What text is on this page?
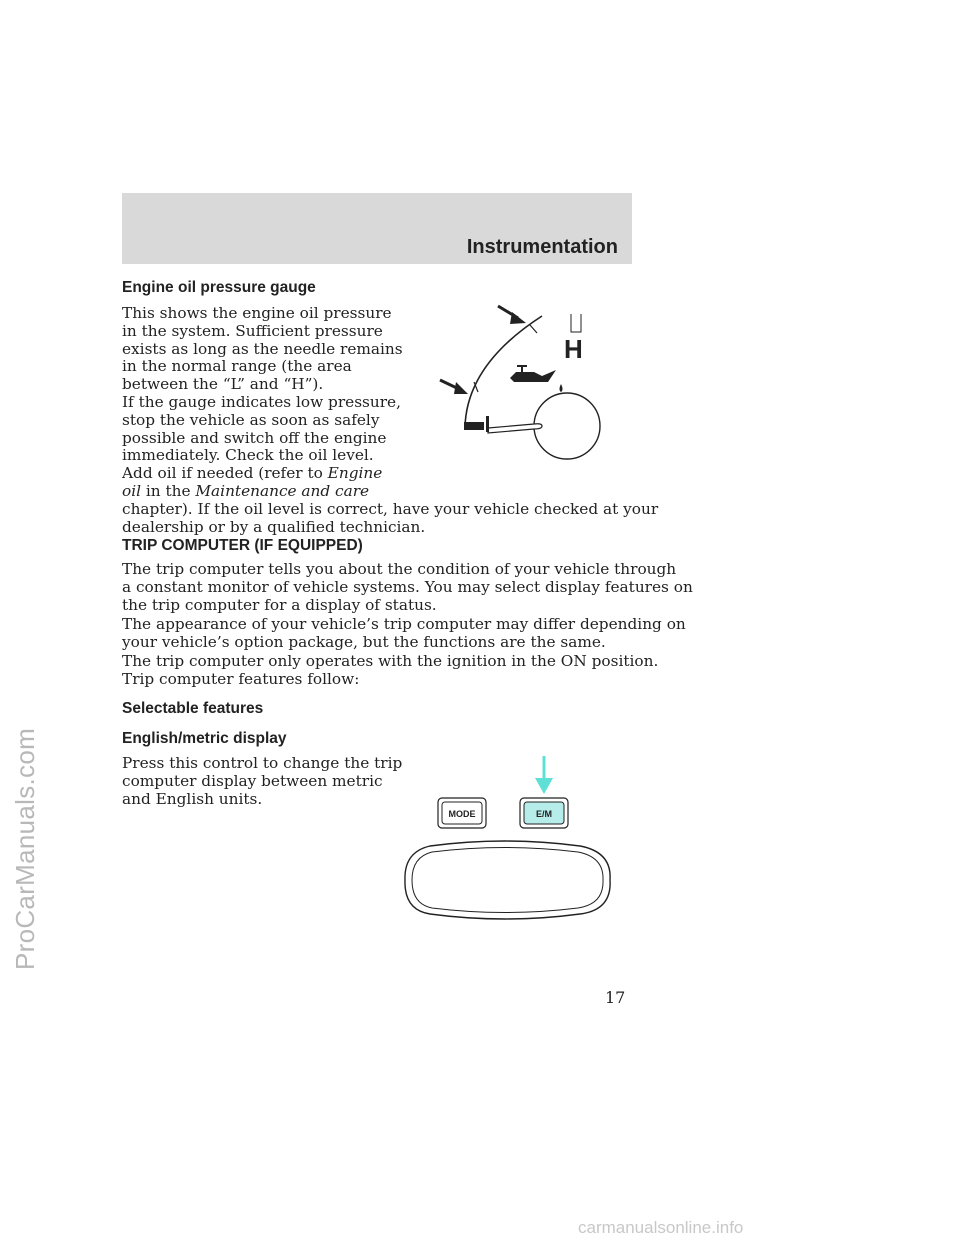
ProCarManuals.com
Instrumentation
Engine oil pressure gauge
This shows the engine oil pressure
in the system. Sufficient pressure
exists as long as the needle remains
in the normal range (the area
between the “L” and “H”).
If the gauge indicates low pressure,
stop the vehicle as soon as safely
possible and switch off the engine
immediately. Check the oil level.
Add oil if needed (refer to Engine
oil in the Maintenance and care
chapter). If the oil level is correct, have your vehicle checked at your
dealership or by a qualified technician.
H
L
TRIP COMPUTER (IF EQUIPPED)
The trip computer tells you about the condition of your vehicle through
a constant monitor of vehicle systems. You may select display features on
the trip computer for a display of status.
The appearance of your vehicle’s trip computer may differ depending on
your vehicle’s option package, but the functions are the same.
The trip computer only operates with the ignition in the ON position.
Trip computer features follow:
Selectable features
English/metric display
Press this control to change the trip
computer display between metric
and English units.
MODE	E/M
17
carmanualsonline.info
